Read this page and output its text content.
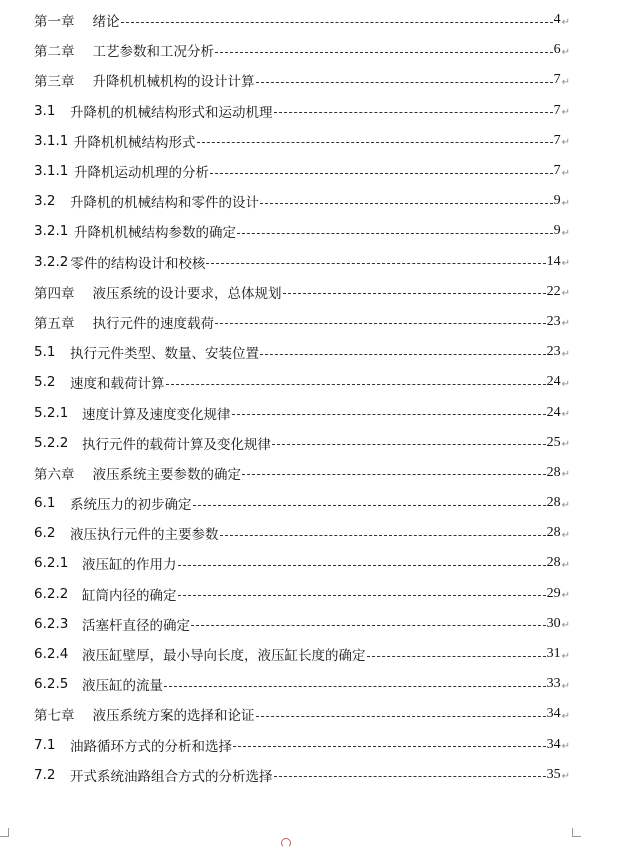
第一章 绪论	4 ↵
第二章 工艺参数和工况分析	6 ↵
第三章 升降机机械机构的设计计算	7 ↵
3.1	升降机的机械结构形式和运动机理	7 ↵
3.1.1 升降机机械结构形式	7 ↵
3.1.1 升降机运动机理的分析	7 ↵
3.2	升降机的机械结构和零件的设计	9 ↵
3.2.1 升降机机械结构参数的确定	9 ↵
3.2.2 零件的结构设计和校核	14 ↵
第四章 液压系统的设计要求，总体规划	22 ↵
第五章 执行元件的速度载荷	23 ↵
5.1	执行元件类型、数量、安装位置	23 ↵
5.2	速度和载荷计算	24 ↵
5.2.1	速度计算及速度变化规律	24 ↵
5.2.2	执行元件的载荷计算及变化规律	25 ↵
第六章 液压系统主要参数的确定	28 ↵
6.1	系统压力的初步确定	28 ↵
6.2	液压执行元件的主要参数	28 ↵
6.2.1	液压缸的作用力	28 ↵
6.2.2	缸筒内径的确定	29 ↵
6.2.3	活塞杆直径的确定	30 ↵
6.2.4	液压缸壁厚，最小导向长度，液压缸长度的确定	31 ↵
6.2.5	液压缸的流量	33 ↵
第七章 液压系统方案的选择和论证	34 ↵
7.1	油路循环方式的分析和选择	34 ↵
7.2	开式系统油路组合方式的分析选择	35 ↵
